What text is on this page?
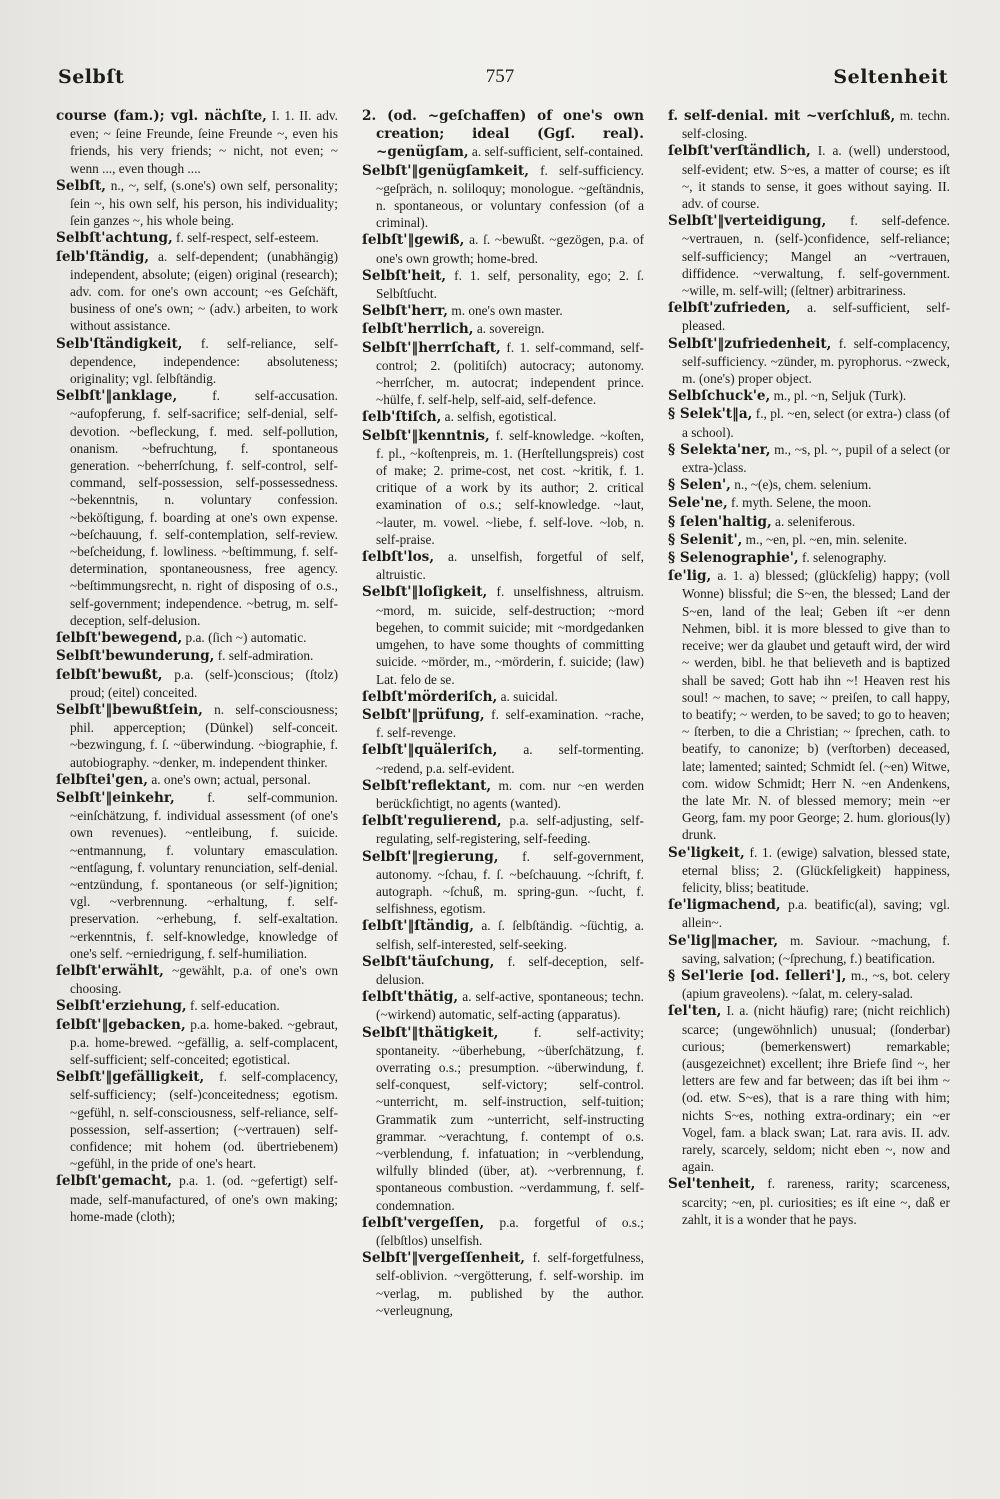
Selbſt	757	Seltenheit

course (fam.); vgl. nächſte, I. 1. II. adv. even; ~ ſeine Freunde, ſeine Freunde ~, even his friends, his very friends; ~ nicht, not even; ~ wenn ..., even though ....

Selbſt, n., ~, self, (s.one's) own self, personality; ſein ~, his own self, his person, his individuality; ſein ganzes ~, his whole being.

Selbſt'achtung, f. self-respect, self-esteem.

ſelb'ſtändig, a. self-dependent; (unabhängig) independent, absolute; (eigen) original (research); adv. com. for one's own account; ~es Geſchäft, business of one's own; ~ (adv.) arbeiten, to work without assistance.

Selb'ſtändigkeit, f. self-reliance, self-dependence, independence: absoluteness; originality; vgl. ſelbſtändig.

Selbſt'‖anklage, f. self-accusation. ~aufopferung, f. self-sacrifice; self-denial, self-devotion. ~befleckung, f. med. self-pollution, onanism. ~befruchtung, f. spontaneous generation. ~beherrſchung, f. self-control, self-command, self-possession, self-possessedness. ~bekenntnis, n. voluntary confession. ~beköſtigung, f. boarding at one's own expense. ~beſchauung, f. self-contemplation, self-review. ~beſcheidung, f. lowliness. ~beſtimmung, f. self-determination, spontaneousness, free agency. ~beſtimmungsrecht, n. right of disposing of o.s., self-government; independence. ~betrug, m. self-deception, self-delusion.

ſelbſt'bewegend, p.a. (ſich ~) automatic.

Selbſt'bewunderung, f. self-admiration.

ſelbſt'bewußt, p.a. (self-)conscious; (ſtolz) proud; (eitel) conceited.

Selbſt'‖bewußtſein, n. self-consciousness; phil. apperception; (Dünkel) self-conceit. ~bezwingung, f. ſ. ~überwindung. ~biographie, f. autobiography. ~denker, m. independent thinker.

ſelbſtei'gen, a. one's own; actual, personal.

Selbſt'‖einkehr, f. self-communion. ~einſchätzung, f. individual assessment (of one's own revenues). ~entleibung, f. suicide. ~entmannung, f. voluntary emasculation. ~entſagung, f. voluntary renunciation, self-denial. ~entzündung, f. spontaneous (or self-)ignition; vgl. ~verbrennung. ~erhaltung, f. self-preservation. ~erhebung, f. self-exaltation. ~erkenntnis, f. self-knowledge, knowledge of one's self. ~erniedrigung, f. self-humiliation.

ſelbſt'erwählt, ~gewählt, p.a. of one's own choosing.

Selbſt'erziehung, f. self-education.

ſelbſt'‖gebacken, p.a. home-baked. ~gebraut, p.a. home-brewed. ~gefällig, a. self-complacent, self-sufficient; self-conceited; egotistical.

Selbſt'‖gefälligkeit, f. self-complacency, self-sufficiency; (self-)conceitedness; egotism. ~gefühl, n. self-consciousness, self-reliance, self-possession, self-assertion; (~vertrauen) self-confidence; mit hohem (od. übertriebenem) ~gefühl, in the pride of one's heart.

ſelbſt'gemacht, p.a. 1. (od. ~gefertigt) self-made, self-manufactured, of one's own making; home-made (cloth);

2. (od. ~geſchaffen) of one's own creation; ideal (Ggſ. real). ~genügſam, a. self-sufficient, self-contained.

Selbſt'‖genügſamkeit, f. self-sufficiency. ~geſpräch, n. soliloquy; monologue. ~geſtändnis, n. spontaneous, or voluntary confession (of a criminal).

ſelbſt'‖gewiß, a. ſ. ~bewußt. ~gezögen, p.a. of one's own growth; home-bred.

Selbſt'heit, f. 1. self, personality, ego; 2. ſ. Selbſtſucht.

Selbſt'herr, m. one's own master.

ſelbſt'herrlich, a. sovereign.

Selbſt'‖herrſchaft, f. 1. self-command, self-control; 2. (politiſch) autocracy; autonomy. ~herrſcher, m. autocrat; independent prince. ~hülfe, f. self-help, self-aid, self-defence.

ſelb'ſtiſch, a. selfish, egotistical.

Selbſt'‖kenntnis, f. self-knowledge. ~koſten, f. pl., ~koſtenpreis, m. 1. (Herſtellungspreis) cost of make; 2. prime-cost, net cost. ~kritik, f. 1. critique of a work by its author; 2. critical examination of o.s.; self-knowledge. ~laut, ~lauter, m. vowel. ~liebe, f. self-love. ~lob, n. self-praise.

ſelbſt'los, a. unselfish, forgetful of self, altruistic.

Selbſt'‖loſigkeit, f. unselfishness, altruism. ~mord, m. suicide, self-destruction; ~mord begehen, to commit suicide; mit ~mordgedanken umgehen, to have some thoughts of committing suicide. ~mörder, m., ~mörderin, f. suicide; (law) Lat. felo de se.

ſelbſt'mörderiſch, a. suicidal.

Selbſt'‖prüfung, f. self-examination. ~rache, f. self-revenge.

ſelbſt'‖quäleriſch, a. self-tormenting. ~redend, p.a. self-evident.

Selbſt'reflektant, m. com. nur ~en werden berückſichtigt, no agents (wanted).

ſelbſt'regulierend, p.a. self-adjusting, self-regulating, self-registering, self-feeding.

Selbſt'‖regierung, f. self-government, autonomy. ~ſchau, f. ſ. ~beſchauung. ~ſchrift, f. autograph. ~ſchuß, m. spring-gun. ~ſucht, f. selfishness, egotism.

ſelbſt'‖ſtändig, a. ſ. ſelbſtändig. ~ſüchtig, a. selfish, self-interested, self-seeking.

Selbſt'täuſchung, f. self-deception, self-delusion.

ſelbſt'thätig, a. self-active, spontaneous; techn. (~wirkend) automatic, self-acting (apparatus).

Selbſt'‖thätigkeit, f. self-activity; spontaneity. ~überhebung, ~überſchätzung, f. overrating o.s.; presumption. ~überwindung, f. self-conquest, self-victory; self-control. ~unterricht, m. self-instruction, self-tuition; Grammatik zum ~unterricht, self-instructing grammar. ~verachtung, f. contempt of o.s. ~verblendung, f. infatuation; in ~verblendung, wilfully blinded (über, at). ~verbrennung, f. spontaneous combustion. ~verdammung, f. self-condemnation.

ſelbſt'vergeſſen, p.a. forgetful of o.s.; (ſelbſtlos) unselfish.

Selbſt'‖vergeſſenheit, f. self-forgetfulness, self-oblivion. ~vergötterung, f. self-worship. im ~verlag, m. published by the author. ~verleugnung,

f. self-denial. mit ~verſchluß, m. techn. self-closing.

ſelbſt'verſtändlich, I. a. (well) understood, self-evident; etw. S~es, a matter of course; es iſt ~, it stands to sense, it goes without saying. II. adv. of course.

Selbſt'‖verteidigung, f. self-defence. ~vertrauen, n. (self-)confidence, self-reliance; self-sufficiency; Mangel an ~vertrauen, diffidence. ~verwaltung, f. self-government. ~wille, m. self-will; (ſeltner) arbitrariness.

ſelbſt'zufrieden, a. self-sufficient, self-pleased.

Selbſt'‖zufriedenheit, f. self-complacency, self-sufficiency. ~zünder, m. pyrophorus. ~zweck, m. (one's) proper object.

Selbſchuck'e, m., pl. ~n, Seljuk (Turk).

§ Selek't‖a, f., pl. ~en, select (or extra-) class (of a school).

§ Selekta'ner, m., ~s, pl. ~, pupil of a select (or extra-)class.

§ Selen', n., ~(e)s, chem. selenium.

Sele'ne, f. myth. Selene, the moon.

§ ſelen'haltig, a. seleniferous.

§ Selenit', m., ~en, pl. ~en, min. selenite.

§ Selenographie', f. selenography.

ſe'lig, a. 1. a) blessed; (glückſelig) happy; (voll Wonne) blissful; die S~en, the blessed; Land der S~en, land of the leal; Geben iſt ~er denn Nehmen, bibl. it is more blessed to give than to receive; wer da glaubet und getauft wird, der wird ~ werden, bibl. he that believeth and is baptized shall be saved; Gott hab ihn ~! Heaven rest his soul! ~ machen, to save; ~ preiſen, to call happy, to beatify; ~ werden, to be saved; to go to heaven; ~ ſterben, to die a Christian; ~ ſprechen, cath. to beatify, to canonize; b) (verſtorben) deceased, late; lamented; sainted; Schmidt ſel. (~en) Witwe, com. widow Schmidt; Herr N. ~en Andenkens, the late Mr. N. of blessed memory; mein ~er Georg, fam. my poor George; 2. hum. glorious(ly) drunk.

Se'ligkeit, f. 1. (ewige) salvation, blessed state, eternal bliss; 2. (Glückſeligkeit) happiness, felicity, bliss; beatitude.

ſe'ligmachend, p.a. beatific(al), saving; vgl. allein~.

Se'lig‖macher, m. Saviour. ~machung, f. saving, salvation; (~ſprechung, f.) beatification.

§ Sel'lerie [od. ſelleri'], m., ~s, bot. celery (apium graveolens). ~ſalat, m. celery-salad.

ſel'ten, I. a. (nicht häufig) rare; (nicht reichlich) scarce; (ungewöhnlich) unusual; (ſonderbar) curious; (bemerkenswert) remarkable; (ausgezeichnet) excellent; ihre Briefe ſind ~, her letters are few and far between; das iſt bei ihm ~ (od. etw. S~es), that is a rare thing with him; nichts S~es, nothing extra-ordinary; ein ~er Vogel, fam. a black swan; Lat. rara avis. II. adv. rarely, scarcely, seldom; nicht eben ~, now and again.

Sel'tenheit, f. rareness, rarity; scarceness, scarcity; ~en, pl. curiosities; es iſt eine ~, daß er zahlt, it is a wonder that he pays.
